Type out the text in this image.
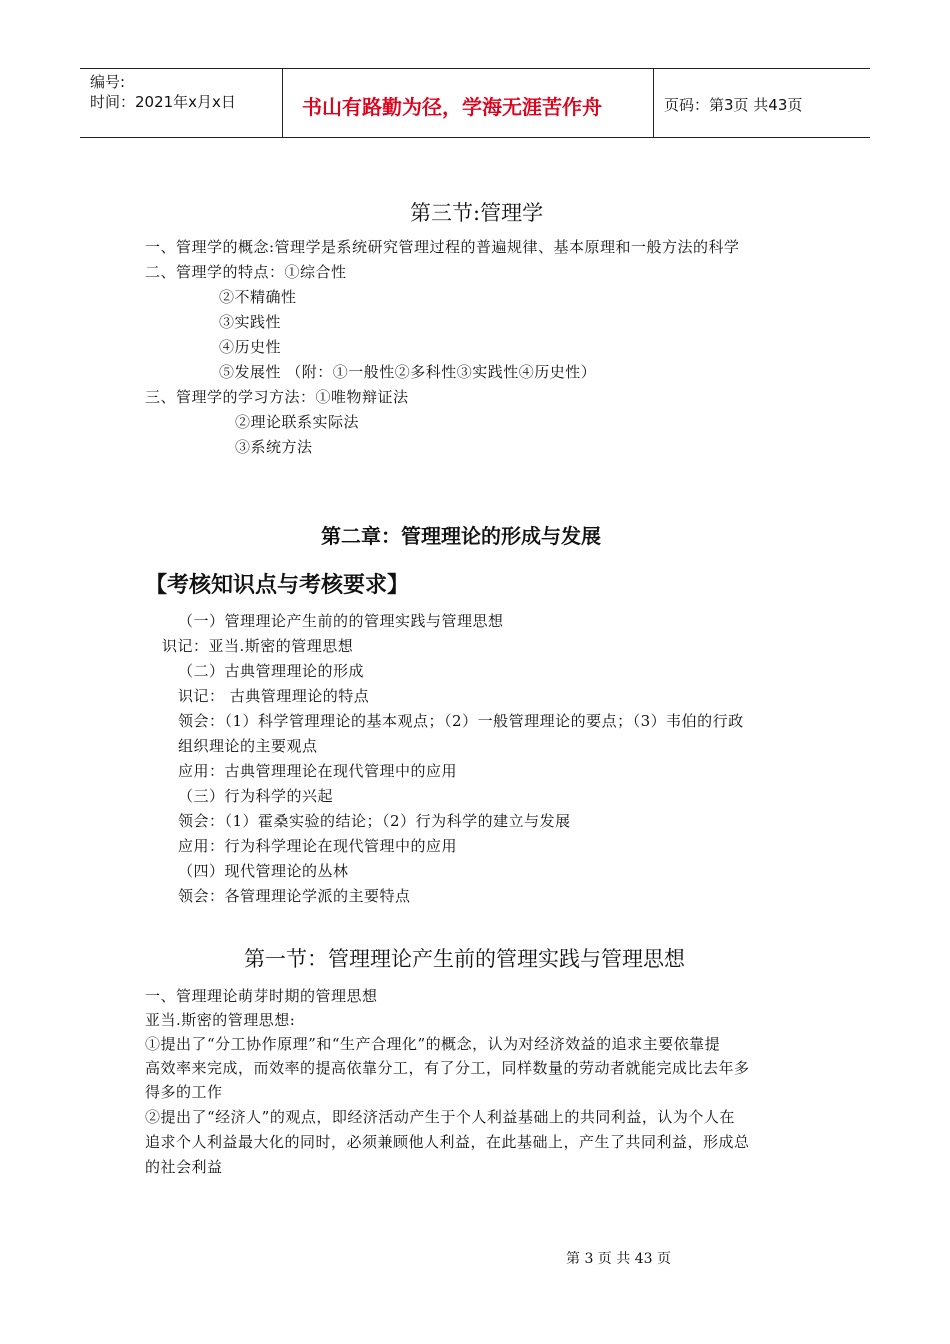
编号:
时间：2021年x月x日	书山有路勤为径，学海无涯苦作舟	页码：第3页 共43页
第三节:管理学
一、管理学的概念:管理学是系统研究管理过程的普遍规律、基本原理和一般方法的科学
二、管理学的特点：①综合性
②不精确性
③实践性
④历史性
⑤发展性 （附：①一般性②多科性③实践性④历史性）
三、管理学的学习方法：①唯物辩证法
②理论联系实际法
③系统方法
第二章：管理理论的形成与发展
【考核知识点与考核要求】
（一）管理理论产生前的的管理实践与管理思想
识记：亚当.斯密的管理思想
（二）古典管理理论的形成
识记： 古典管理理论的特点
领会：（1）科学管理理论的基本观点；（2）一般管理理论的要点；（3）韦伯的行政
组织理论的主要观点
应用：古典管理理论在现代管理中的应用
（三）行为科学的兴起
领会：（1）霍桑实验的结论；（2）行为科学的建立与发展
应用：行为科学理论在现代管理中的应用
（四）现代管理论的丛林
领会：各管理理论学派的主要特点
第一节：管理理论产生前的管理实践与管理思想
一、管理理论萌芽时期的管理思想
亚当.斯密的管理思想:
①提出了“分工协作原理”和“生产合理化”的概念，认为对经济效益的追求主要依靠提
高效率来完成，而效率的提高依靠分工，有了分工，同样数量的劳动者就能完成比去年多
得多的工作
②提出了“经济人”的观点，即经济活动产生于个人利益基础上的共同利益，认为个人在
追求个人利益最大化的同时，必须兼顾他人利益，在此基础上，产生了共同利益，形成总
的社会利益
第 3 页 共 43 页
